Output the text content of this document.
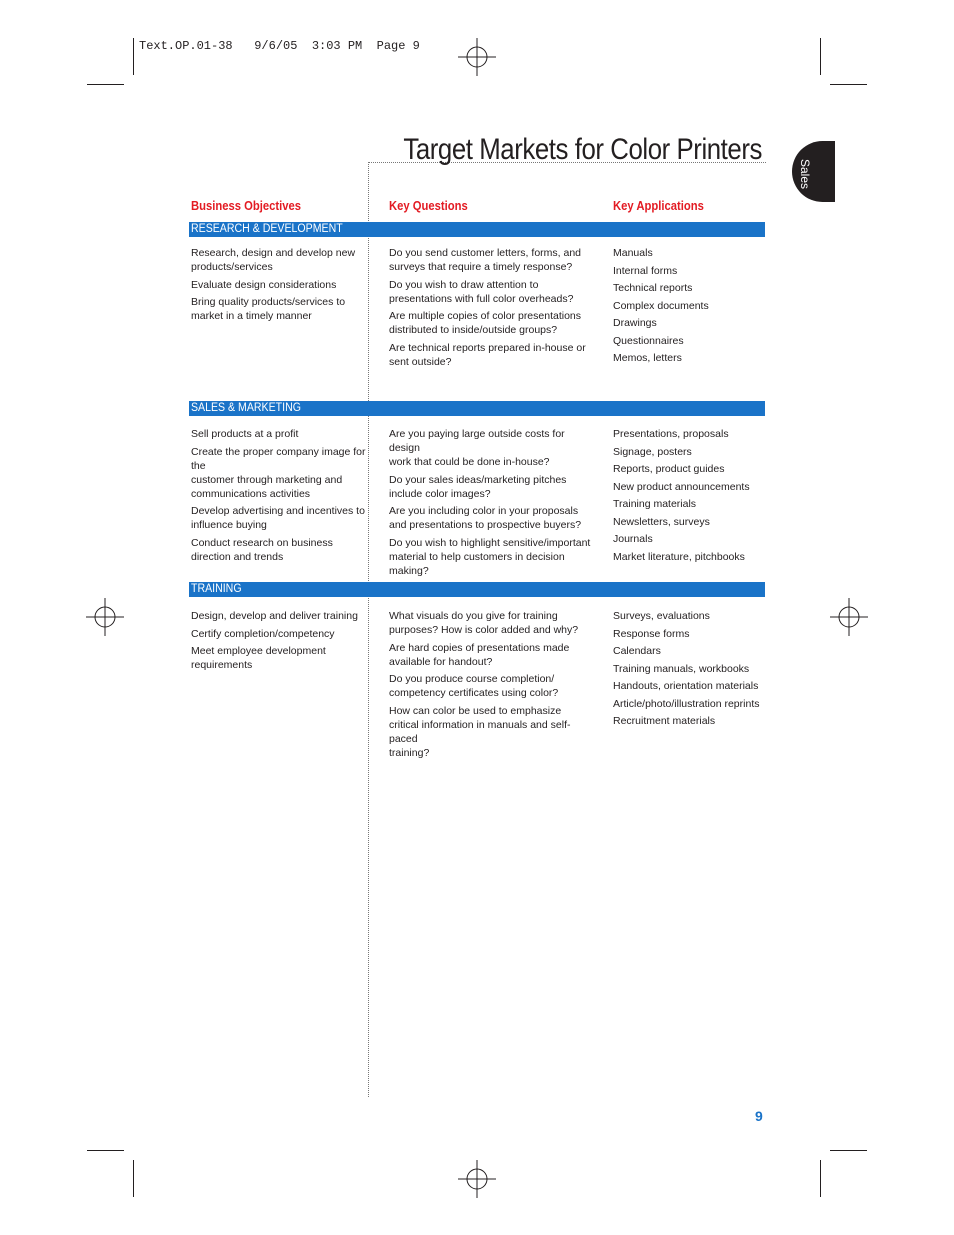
Text.OP.01-38   9/6/05  3:03 PM  Page 9
Target Markets for Color Printers
Sales
Business Objectives	Key Questions	Key Applications
RESEARCH & DEVELOPMENT
Research, design and develop new
products/services
Evaluate design considerations
Bring quality products/services to
market in a timely manner
Do you send customer letters, forms, and
surveys that require a timely response?
Do you wish to draw attention to
presentations with full color overheads?
Are multiple copies of color presentations
distributed to inside/outside groups?
Are technical reports prepared in-house or
sent outside?
Manuals
Internal forms
Technical reports
Complex documents
Drawings
Questionnaires
Memos, letters
SALES & MARKETING
Sell products at a profit
Create the proper company image for the
customer through marketing and
communications activities
Develop advertising and incentives to
influence buying
Conduct research on business
direction and trends
Are you paying large outside costs for design
work that could be done in-house?
Do your sales ideas/marketing pitches
include color images?
Are you including color in your proposals
and presentations to prospective buyers?
Do you wish to highlight sensitive/important
material to help customers in decision
making?
Presentations, proposals
Signage, posters
Reports, product guides
New product announcements
Training materials
Newsletters, surveys
Journals
Market literature, pitchbooks
TRAINING
Design, develop and deliver training
Certify completion/competency
Meet employee development
requirements
What visuals do you give for training
purposes? How is color added and why?
Are hard copies of presentations made
available for handout?
Do you produce course completion/
competency certificates using color?
How can color be used to emphasize
critical information in manuals and self-paced
training?
Surveys, evaluations
Response forms
Calendars
Training manuals, workbooks
Handouts, orientation materials
Article/photo/illustration reprints
Recruitment materials
9
